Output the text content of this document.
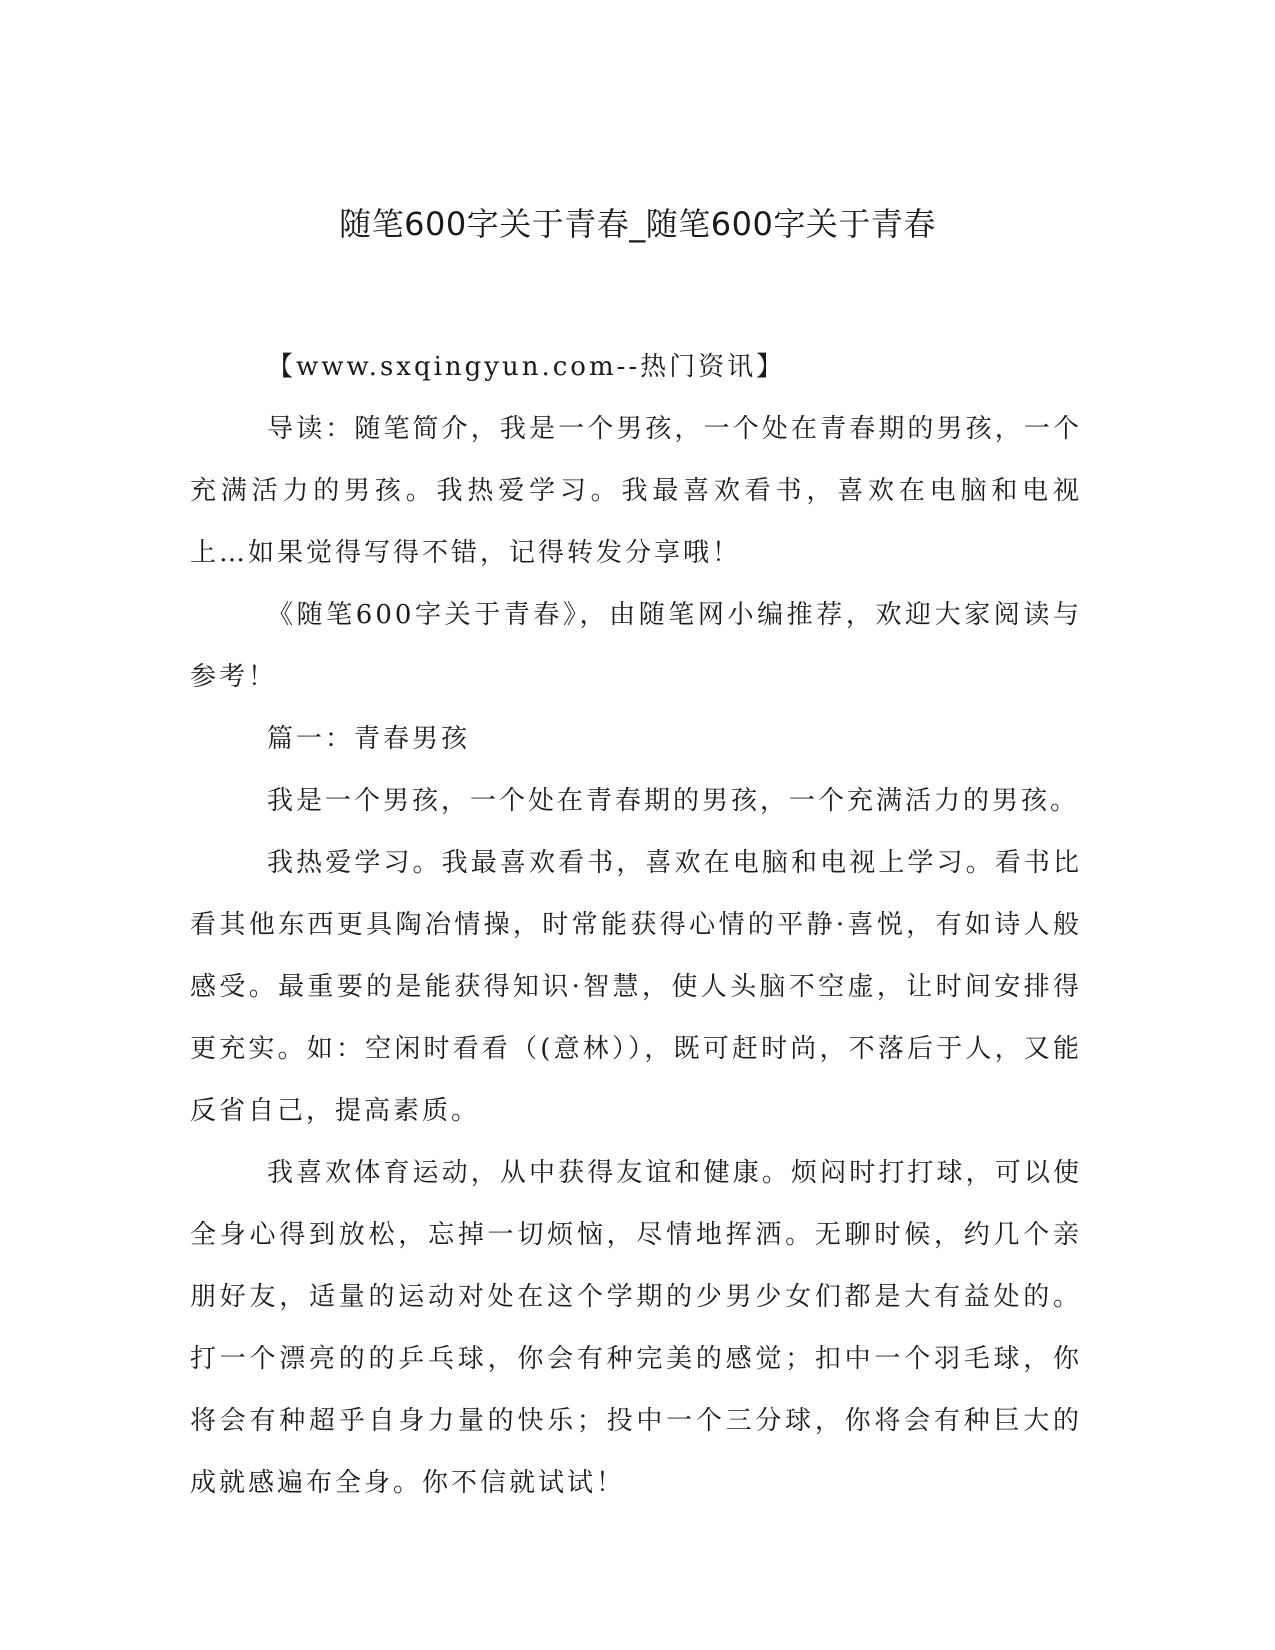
随笔600字关于青春_随笔600字关于青春

【www.sxqingyun.com--热门资讯】

导读：随笔简介，我是一个男孩，一个处在青春期的男孩，一个充满活力的男孩。我热爱学习。我最喜欢看书，喜欢在电脑和电视上…如果觉得写得不错，记得转发分享哦！

《随笔600字关于青春》，由随笔网小编推荐，欢迎大家阅读与参考！

篇一：青春男孩

我是一个男孩，一个处在青春期的男孩，一个充满活力的男孩。

我热爱学习。我最喜欢看书，喜欢在电脑和电视上学习。看书比看其他东西更具陶冶情操，时常能获得心情的平静·喜悦，有如诗人般感受。最重要的是能获得知识·智慧，使人头脑不空虚，让时间安排得更充实。如：空闲时看看（(意林）），既可赶时尚，不落后于人，又能反省自己，提高素质。

我喜欢体育运动，从中获得友谊和健康。烦闷时打打球，可以使全身心得到放松，忘掉一切烦恼，尽情地挥洒。无聊时候，约几个亲朋好友，适量的运动对处在这个学期的少男少女们都是大有益处的。打一个漂亮的的乒乓球，你会有种完美的感觉；扣中一个羽毛球，你将会有种超乎自身力量的快乐；投中一个三分球，你将会有种巨大的成就感遍布全身。你不信就试试！
